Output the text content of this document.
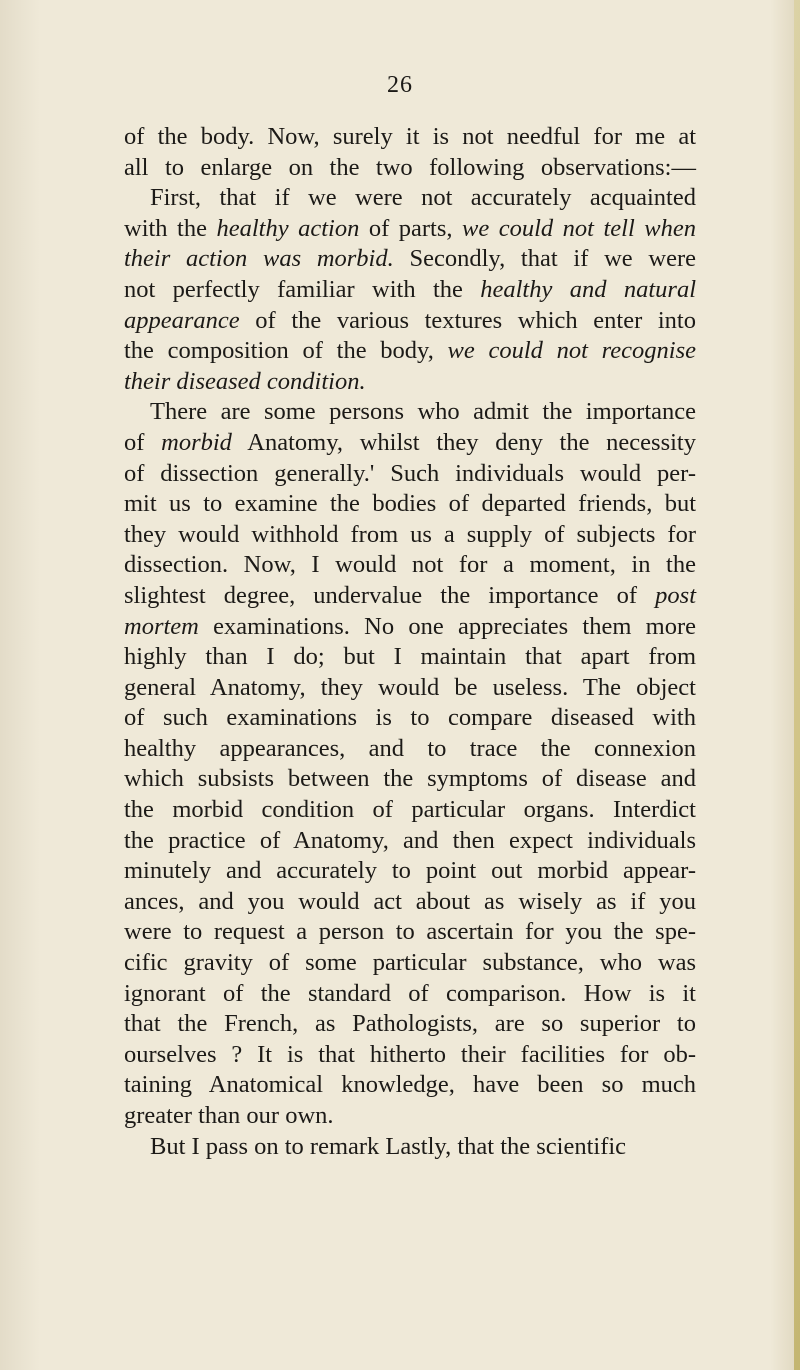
26
of the body. Now, surely it is not needful for me at
all to enlarge on the two following observations:—
First, that if we were not accurately acquainted
with the healthy action of parts, we could not tell when
their action was morbid. Secondly, that if we were
not perfectly familiar with the healthy and natural
appearance of the various textures which enter into
the composition of the body, we could not recognise
their diseased condition.
There are some persons who admit the importance
of morbid Anatomy, whilst they deny the necessity
of dissection generally.' Such individuals would per-
mit us to examine the bodies of departed friends, but
they would withhold from us a supply of subjects for
dissection. Now, I would not for a moment, in the
slightest degree, undervalue the importance of post
mortem examinations. No one appreciates them more
highly than I do; but I maintain that apart from
general Anatomy, they would be useless. The object
of such examinations is to compare diseased with
healthy appearances, and to trace the connexion
which subsists between the symptoms of disease and
the morbid condition of particular organs. Interdict
the practice of Anatomy, and then expect individuals
minutely and accurately to point out morbid appear-
ances, and you would act about as wisely as if you
were to request a person to ascertain for you the spe-
cific gravity of some particular substance, who was
ignorant of the standard of comparison. How is it
that the French, as Pathologists, are so superior to
ourselves ? It is that hitherto their facilities for ob-
taining Anatomical knowledge, have been so much
greater than our own.
But I pass on to remark Lastly, that the scientific
